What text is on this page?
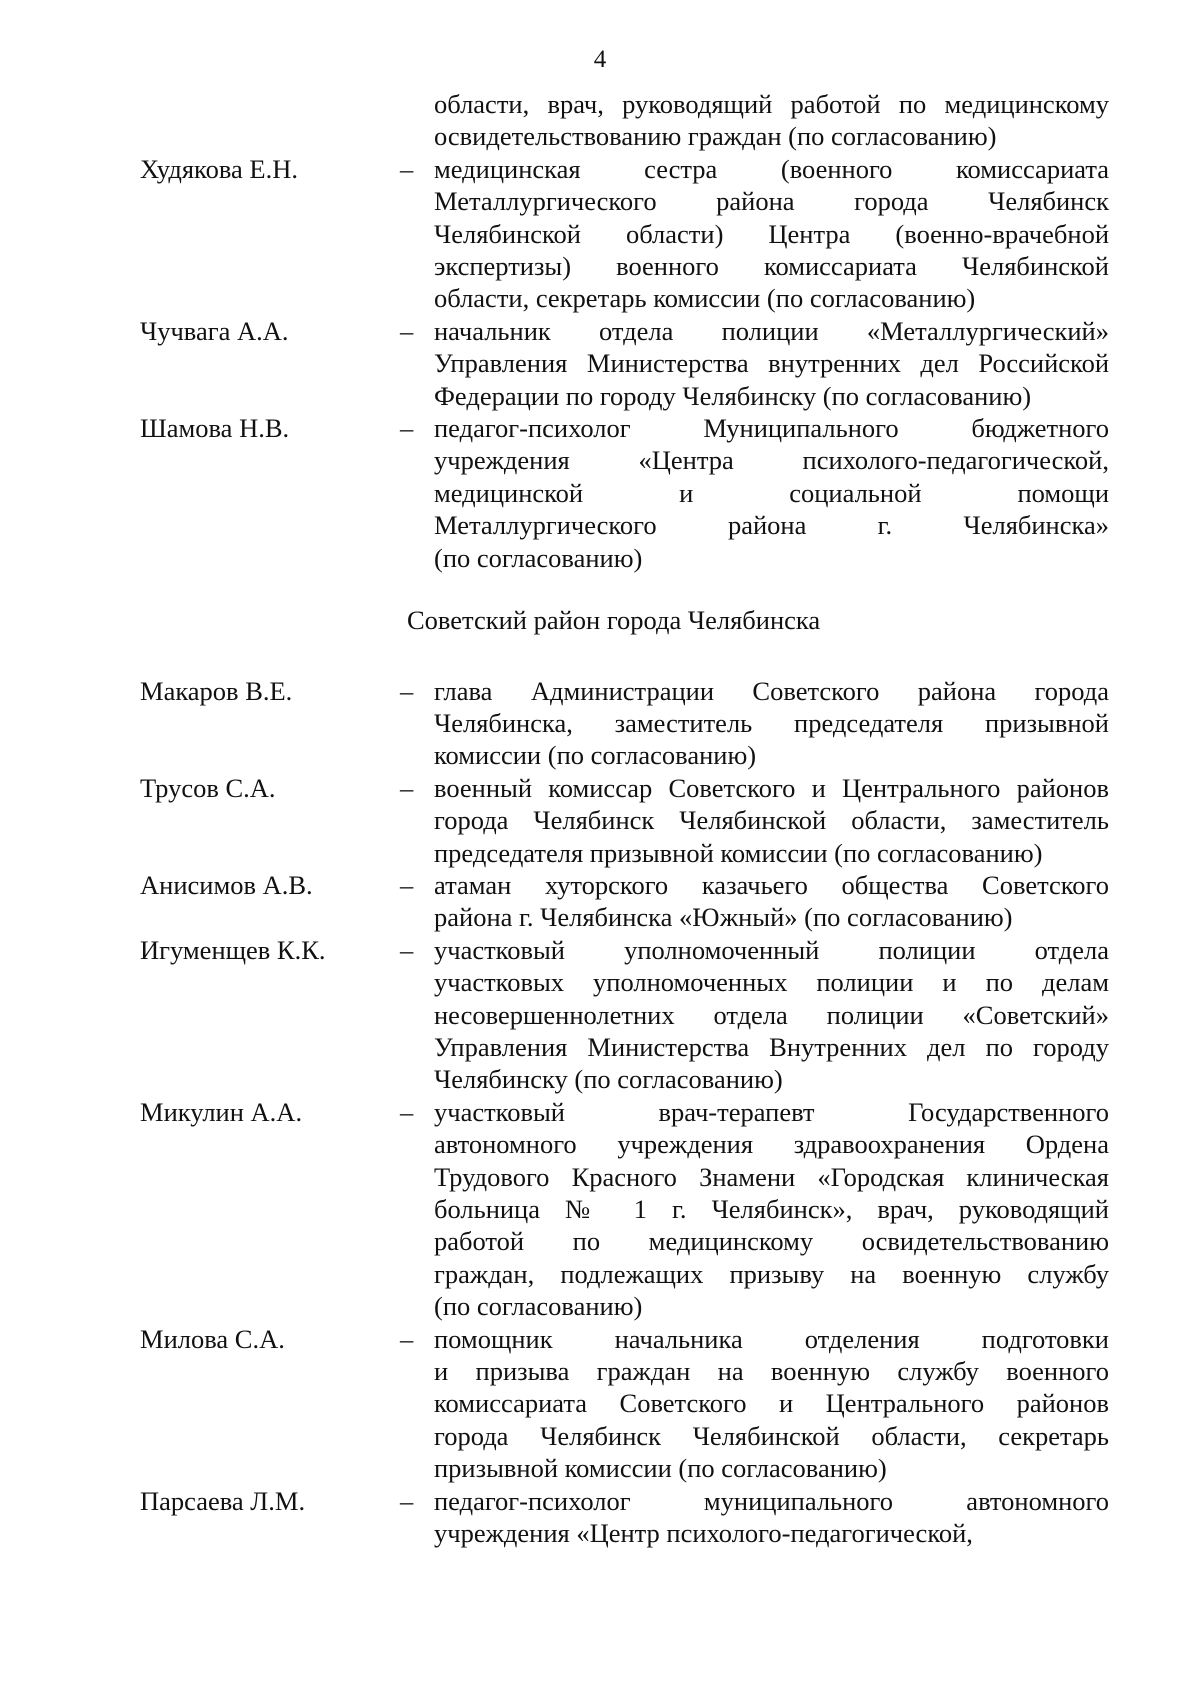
4
области, врач, руководящий работой по медицинскому
освидетельствованию граждан (по согласованию)
Худякова Е.Н.	– медицинская сестра (военного комиссариата
Металлургического района города Челябинск
Челябинской области) Центра (военно-врачебной
экспертизы) военного комиссариата Челябинской
области, секретарь комиссии (по согласованию)
Чучвага А.А.	– начальник отдела полиции «Металлургический»
Управления Министерства внутренних дел Российской
Федерации по городу Челябинску (по согласованию)
Шамова Н.В.	– педагог-психолог Муниципального бюджетного
учреждения «Центра психолого-педагогической,
медицинской и социальной помощи
Металлургического района г. Челябинска»
(по согласованию)
Советский район города Челябинска
Макаров В.Е.	– глава Администрации Советского района города
Челябинска, заместитель председателя призывной
комиссии (по согласованию)
Трусов С.А.	– военный комиссар Советского и Центрального районов
города Челябинск Челябинской области, заместитель
председателя призывной комиссии (по согласованию)
Анисимов А.В.	– атаман хуторского казачьего общества Советского
района г. Челябинска «Южный» (по согласованию)
Игуменщев К.К.	– участковый уполномоченный полиции отдела
участковых уполномоченных полиции и по делам
несовершеннолетних отдела полиции «Советский»
Управления Министерства Внутренних дел по городу
Челябинску (по согласованию)
Микулин А.А.	– участковый врач-терапевт Государственного
автономного учреждения здравоохранения Ордена
Трудового Красного Знамени «Городская клиническая
больница № 1 г. Челябинск», врач, руководящий
работой по медицинскому освидетельствованию
граждан, подлежащих призыву на военную службу
(по согласованию)
Милова С.А.	– помощник начальника отделения подготовки
и призыва граждан на военную службу военного
комиссариата Советского и Центрального районов
города Челябинск Челябинской области, секретарь
призывной комиссии (по согласованию)
Парсаева Л.М.	– педагог-психолог муниципального автономного
учреждения «Центр психолого-педагогической,
